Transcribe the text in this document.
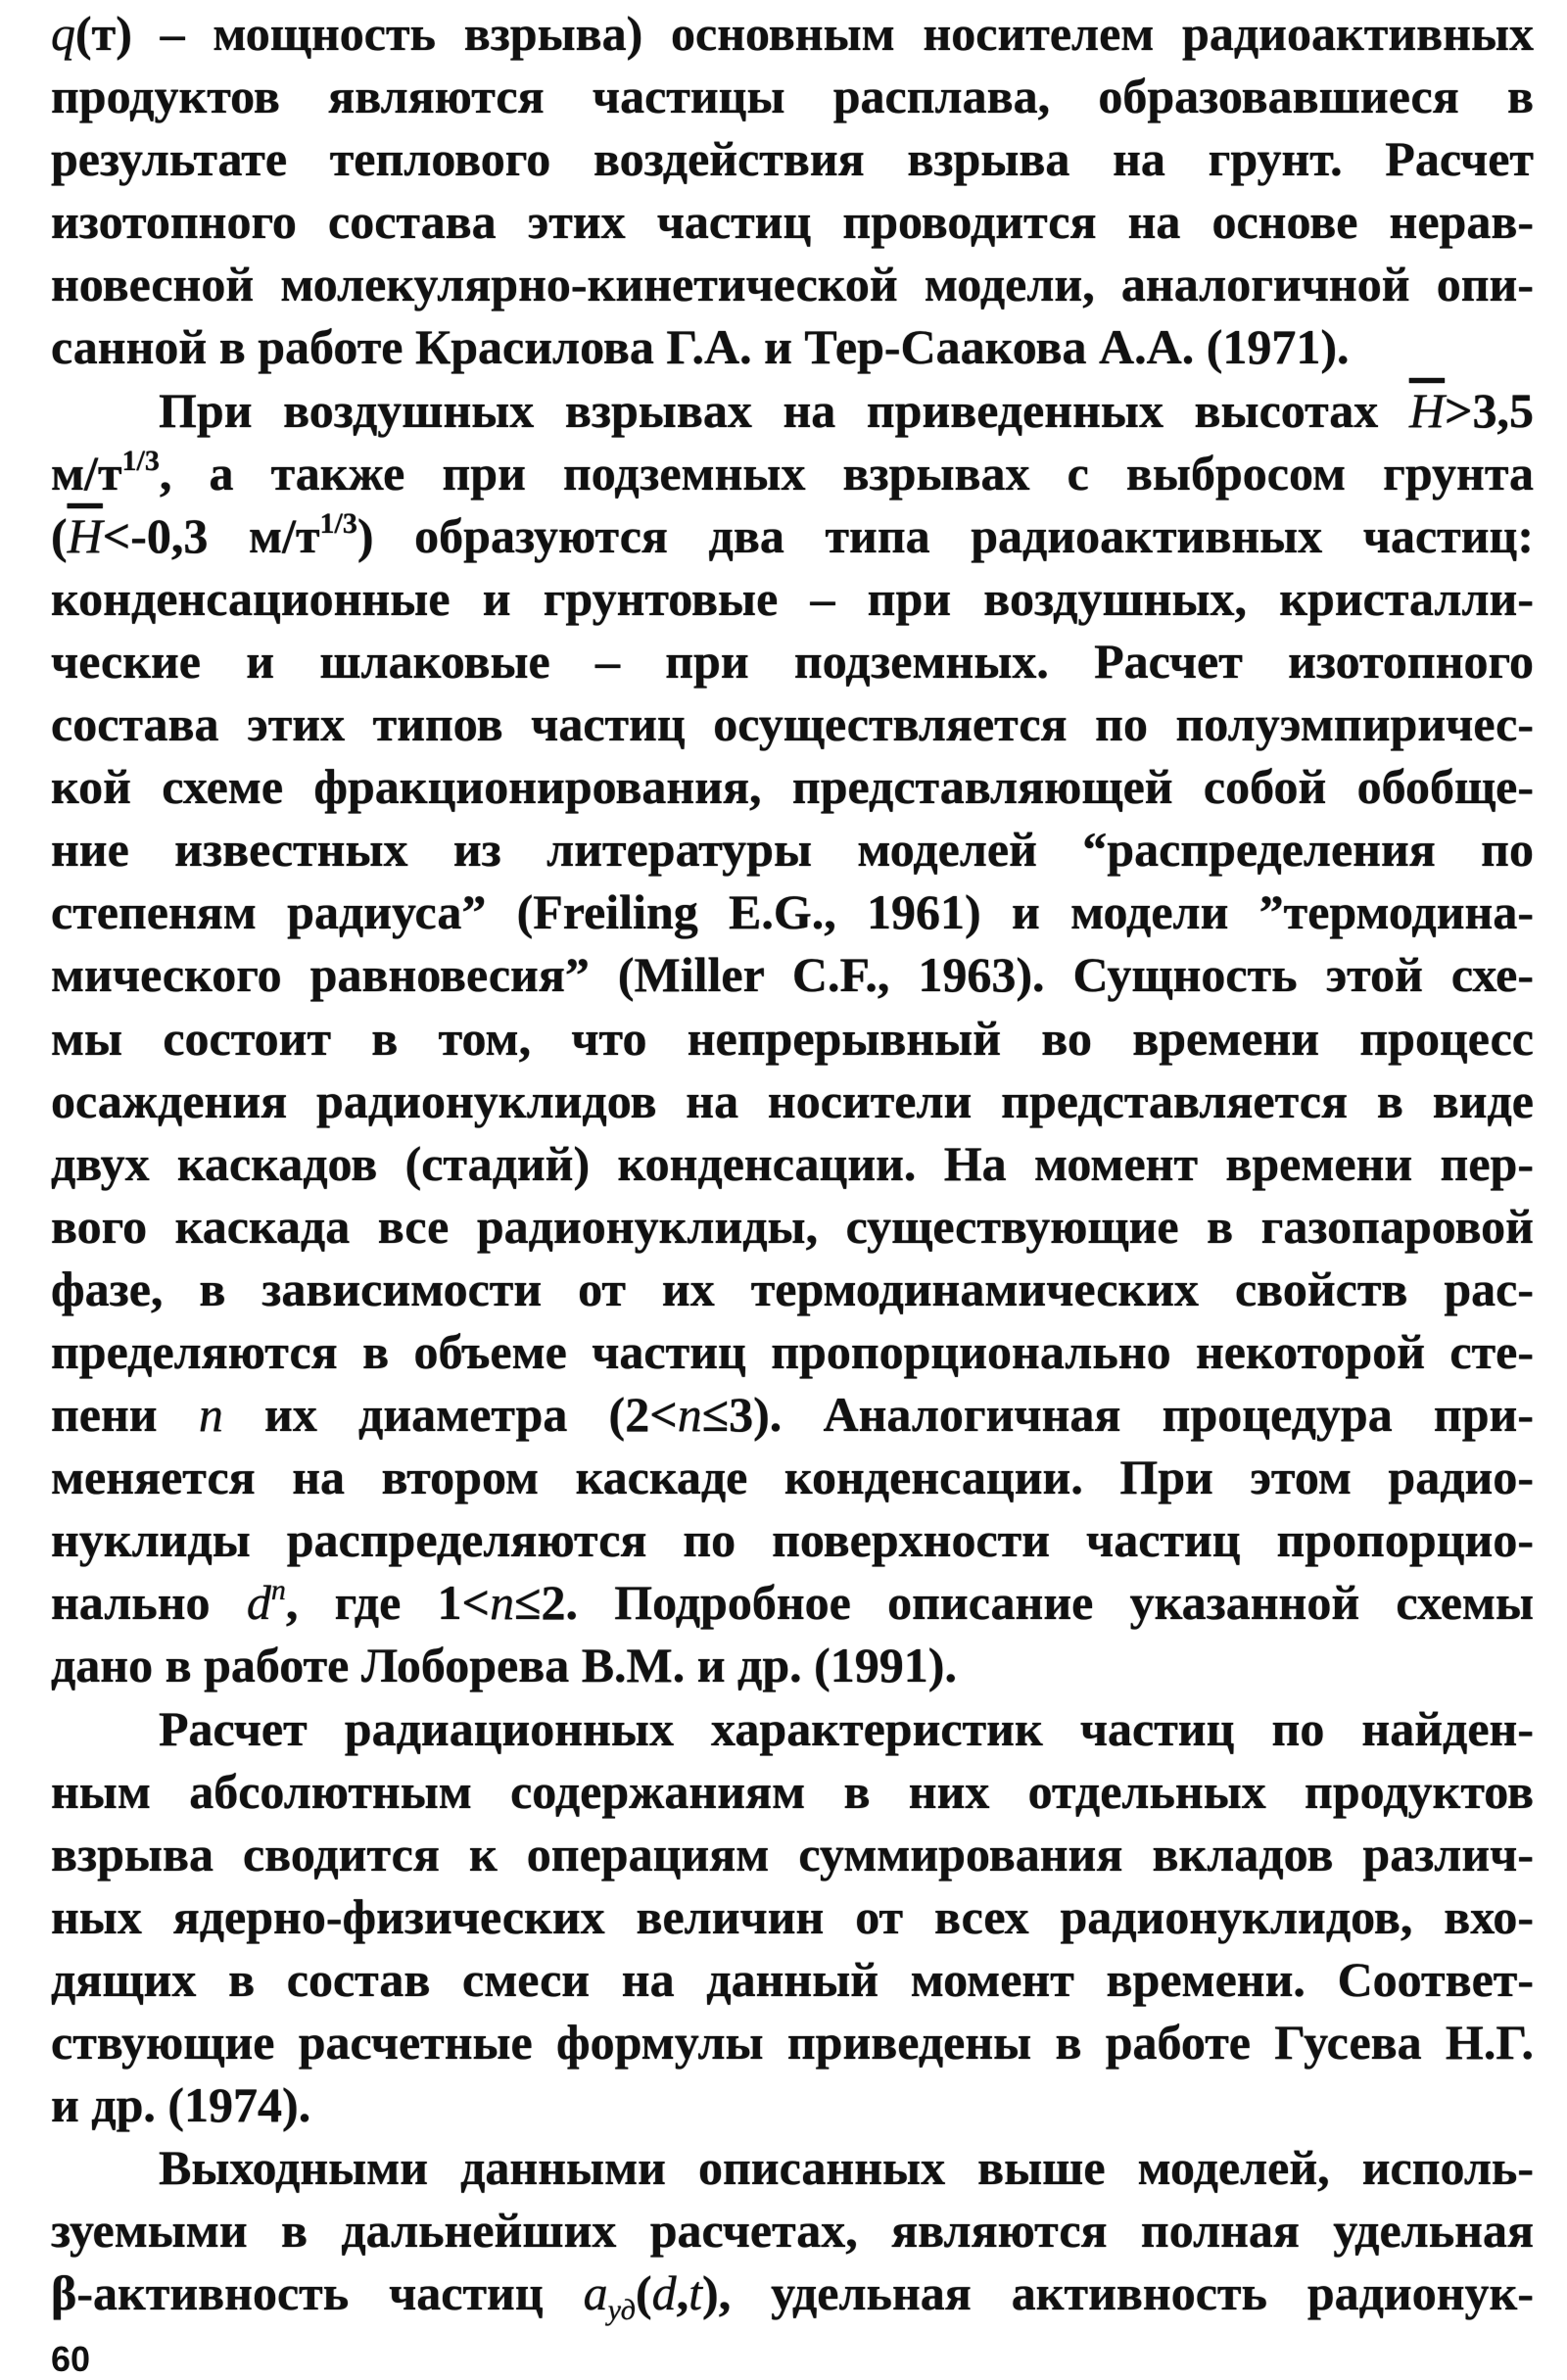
q(т) – мощность взрыва) основным носителем радиоактивных
продуктов являются частицы расплава, образовавшиеся в
результате теплового воздействия взрыва на грунт. Расчет
изотопного состава этих частиц проводится на основе нерав-
новесной молекулярно-кинетической модели, аналогичной опи-
санной в работе Красилова Г.А. и Тер-Саакова А.А. (1971).
При воздушных взрывах на приведенных высотах $\overline{H}>3,5$
$м/т^{1/3}$, а также при подземных взрывах с выбросом грунта
($\overline{H}<-0,3$ $м/т^{1/3}$) образуются два типа радиоактивных частиц:
конденсационные и грунтовые – при воздушных, кристалли-
ческие и шлаковые – при подземных. Расчет изотопного
состава этих типов частиц осуществляется по полуэмпиричес-
кой схеме фракционирования, представляющей собой обобще-
ние известных из литературы моделей “распределения по
степеням радиуса” (Freiling E.G., 1961) и модели ”термодина-
мического равновесия” (Miller C.F., 1963). Сущность этой схе-
мы состоит в том, что непрерывный во времени процесс
осаждения радионуклидов на носители представляется в виде
двух каскадов (стадий) конденсации. На момент времени пер-
вого каскада все радионуклиды, существующие в газопаровой
фазе, в зависимости от их термодинамических свойств рас-
пределяются в объеме частиц пропорционально некоторой сте-
пени n их диаметра (2<n≤3). Аналогичная процедура при-
меняется на втором каскаде конденсации. При этом радио-
нуклиды распределяются по поверхности частиц пропорцио-
нально $d^n$, где 1<n≤2. Подробное описание указанной схемы
дано в работе Лоборева В.М. и др. (1991).
Расчет радиационных характеристик частиц по найден-
ным абсолютным содержаниям в них отдельных продуктов
взрыва сводится к операциям суммирования вкладов различ-
ных ядерно-физических величин от всех радионуклидов, вхо-
дящих в состав смеси на данный момент времени. Соответ-
ствующие расчетные формулы приведены в работе Гусева Н.Г.
и др. (1974).
Выходными данными описанных выше моделей, исполь-
зуемыми в дальнейших расчетах, являются полная удельная
β-активность частиц $a_{уд}(d,t)$, удельная активность радионук-
60
